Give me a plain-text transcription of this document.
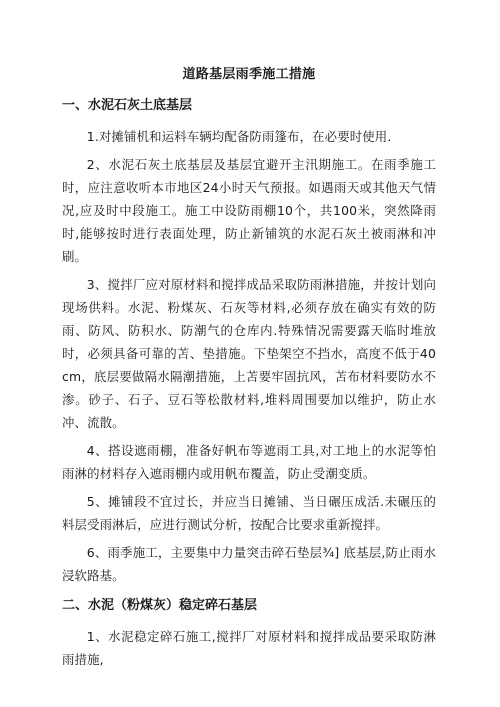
道路基层雨季施工措施
一、水泥石灰土底基层

1.对摊铺机和运料车辆均配备防雨篷布，在必要时使用.

2、水泥石灰土底基层及基层宜避开主汛期施工。在雨季施工时，应注意收听本市地区24小时天气预报。如遇雨天或其他天气情况,应及时中段施工。施工中设防雨棚10个，共100米，突然降雨时,能够按时进行表面处理，防止新铺筑的水泥石灰土被雨淋和冲刷。

3、搅拌厂应对原材料和搅拌成品采取防雨淋措施，并按计划向现场供料。水泥、粉煤灰、石灰等材料,必须存放在确实有效的防雨、防风、防积水、防潮气的仓库内.特殊情况需要露天临时堆放时，必须具备可靠的苫、垫措施。下垫架空不挡水，高度不低于40cm，底层要做隔水隔潮措施，上苫要牢固抗风，苫布材料要防水不渗。砂子、石子、豆石等松散材料,堆料周围要加以维护，防止水冲、流散。

4、搭设遮雨棚，准备好帆布等遮雨工具,对工地上的水泥等怕雨淋的材料存入遮雨棚内或用帆布覆盖，防止受潮变质。

5、摊铺段不宜过长，并应当日摊铺、当日碾压成活.未碾压的料层受雨淋后，应进行测试分析，按配合比要求重新搅拌。

6、雨季施工，主要集中力量突击碎石垫层¾] 底基层,防止雨水浸软路基。

二、水泥（粉煤灰）稳定碎石基层

1、水泥稳定碎石施工,搅拌厂对原材料和搅拌成品要采取防淋雨措施,
